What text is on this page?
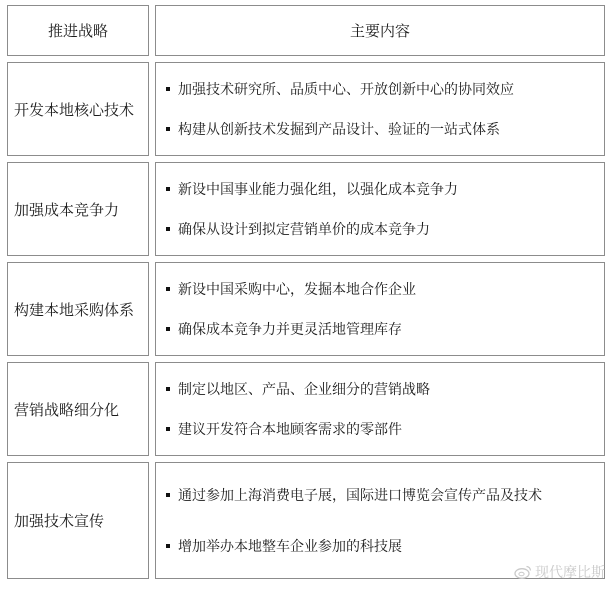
推进战略	主要内容
开发本地核心技术
加强技术研究所、品质中心、开放创新中心的协同效应
构建从创新技术发掘到产品设计、验证的一站式体系
加强成本竞争力
新设中国事业能力强化组，以强化成本竞争力
确保从设计到拟定营销单价的成本竞争力
构建本地采购体系
新设中国采购中心，发掘本地合作企业
确保成本竞争力并更灵活地管理库存
营销战略细分化
制定以地区、产品、企业细分的营销战略
建议开发符合本地顾客需求的零部件
加强技术宣传
通过参加上海消费电子展，国际进口博览会宣传产品及技术
增加举办本地整车企业参加的科技展
现代摩比斯
